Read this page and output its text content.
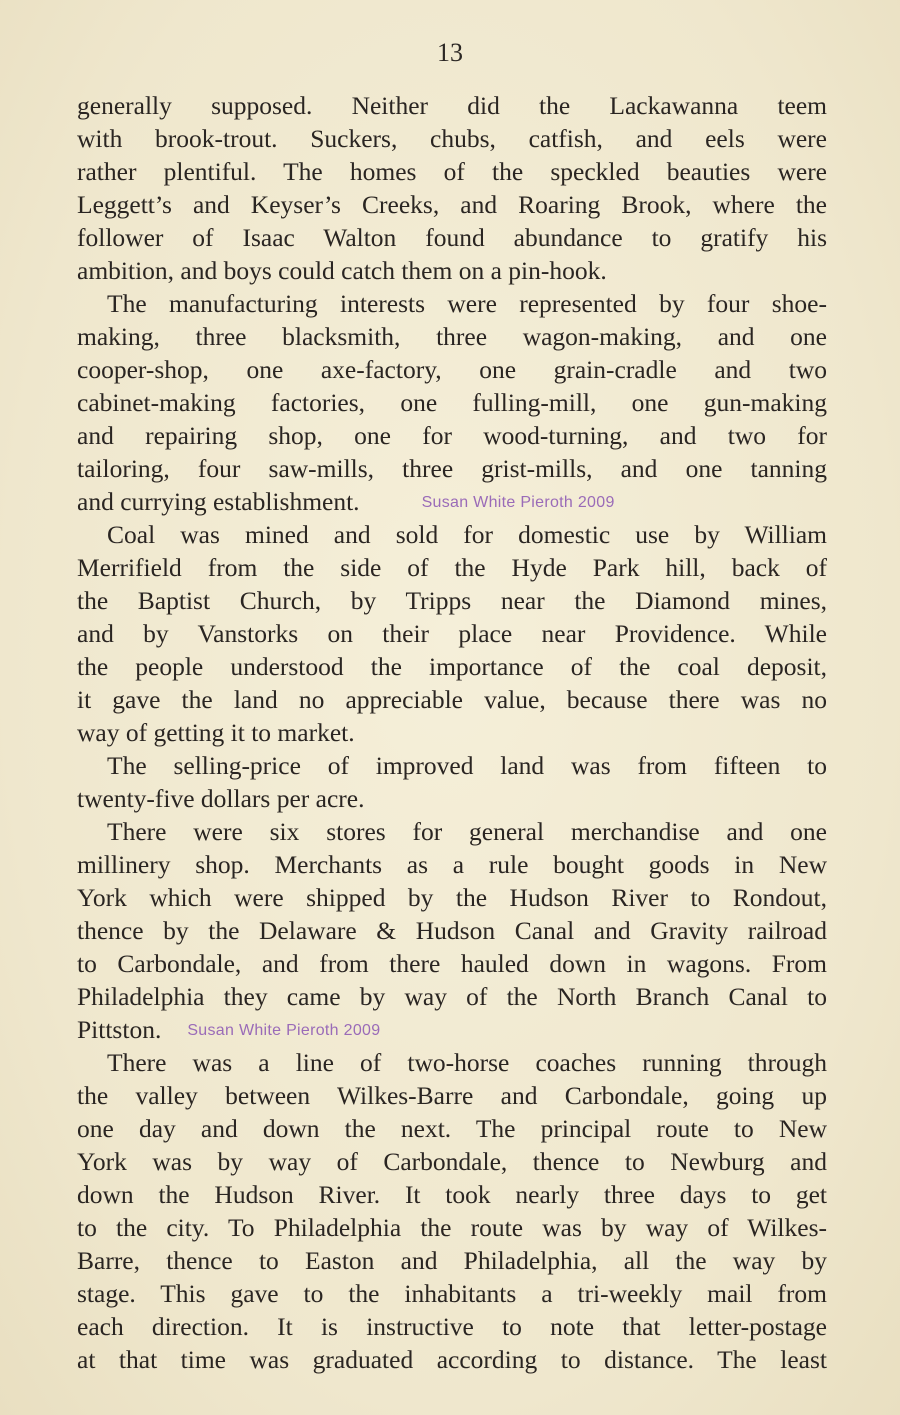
13
generally supposed. Neither did the Lackawanna teem
with brook-trout. Suckers, chubs, catfish, and eels were
rather plentiful. The homes of the speckled beauties were
Leggett’s and Keyser’s Creeks, and Roaring Brook, where the
follower of Isaac Walton found abundance to gratify his
ambition, and boys could catch them on a pin-hook.
The manufacturing interests were represented by four shoe-
making, three blacksmith, three wagon-making, and one
cooper-shop, one axe-factory, one grain-cradle and two
cabinet-making factories, one fulling-mill, one gun-making
and repairing shop, one for wood-turning, and two for
tailoring, four saw-mills, three grist-mills, and one tanning
and currying establishment.	Susan White Pieroth 2009
Coal was mined and sold for domestic use by William
Merrifield from the side of the Hyde Park hill, back of
the Baptist Church, by Tripps near the Diamond mines,
and by Vanstorks on their place near Providence. While
the people understood the importance of the coal deposit,
it gave the land no appreciable value, because there was no
way of getting it to market.
The selling-price of improved land was from fifteen to
twenty-five dollars per acre.
There were six stores for general merchandise and one
millinery shop. Merchants as a rule bought goods in New
York which were shipped by the Hudson River to Rondout,
thence by the Delaware & Hudson Canal and Gravity railroad
to Carbondale, and from there hauled down in wagons. From
Philadelphia they came by way of the North Branch Canal to
Pittston. Susan White Pieroth 2009
There was a line of two-horse coaches running through
the valley between Wilkes-Barre and Carbondale, going up
one day and down the next. The principal route to New
York was by way of Carbondale, thence to Newburg and
down the Hudson River. It took nearly three days to get
to the city. To Philadelphia the route was by way of Wilkes-
Barre, thence to Easton and Philadelphia, all the way by
stage. This gave to the inhabitants a tri-weekly mail from
each direction. It is instructive to note that letter-postage
at that time was graduated according to distance. The least
